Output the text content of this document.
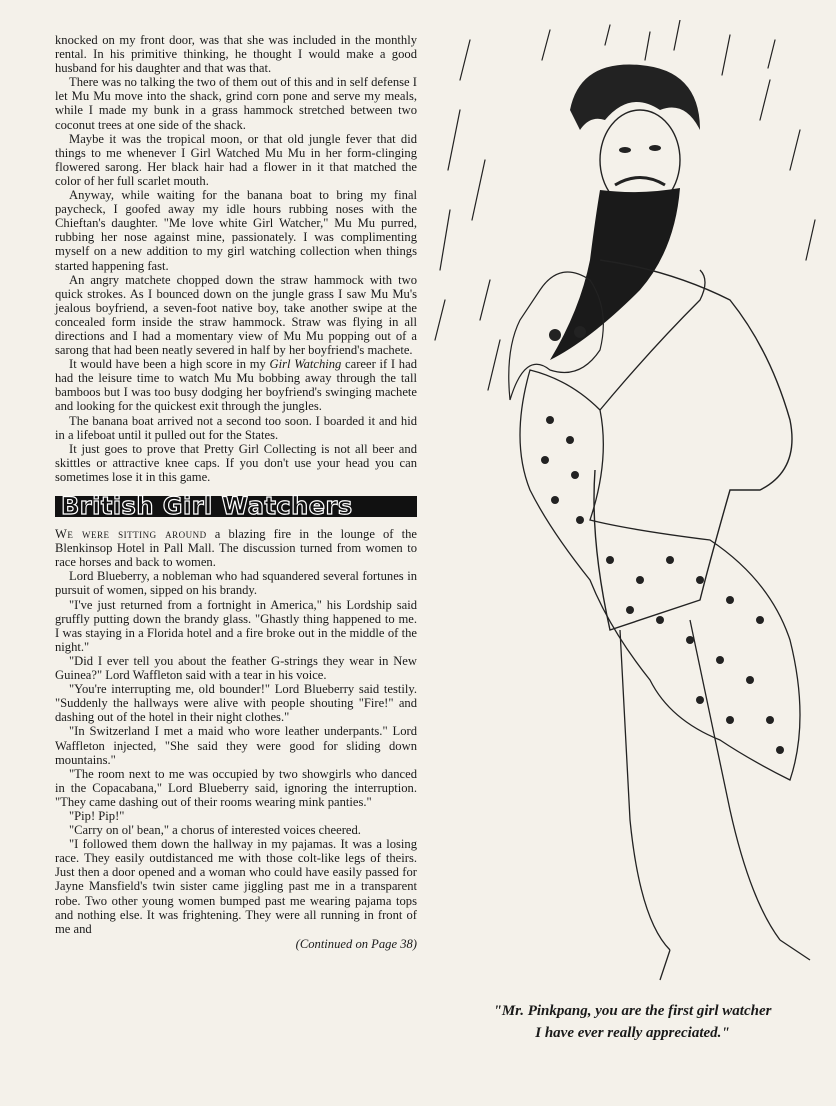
knocked on my front door, was that she was included in the monthly rental. In his primitive thinking, he thought I would make a good husband for his daughter and that was that.

There was no talking the two of them out of this and in self defense I let Mu Mu move into the shack, grind corn pone and serve my meals, while I made my bunk in a grass hammock stretched between two coconut trees at one side of the shack.

Maybe it was the tropical moon, or that old jungle fever that did things to me whenever I Girl Watched Mu Mu in her form-clinging flowered sarong. Her black hair had a flower in it that matched the color of her full scarlet mouth.

Anyway, while waiting for the banana boat to bring my final paycheck, I goofed away my idle hours rubbing noses with the Chieftan's daughter. "Me love white Girl Watcher," Mu Mu purred, rubbing her nose against mine, passionately. I was complimenting myself on a new addition to my girl watching collection when things started happening fast.

An angry matchete chopped down the straw hammock with two quick strokes. As I bounced down on the jungle grass I saw Mu Mu's jealous boyfriend, a seven-foot native boy, take another swipe at the concealed form inside the straw hammock. Straw was flying in all directions and I had a momentary view of Mu Mu popping out of a sarong that had been neatly severed in half by her boyfriend's machete.

It would have been a high score in my Girl Watching career if I had had the leisure time to watch Mu Mu bobbing away through the tall bamboos but I was too busy dodging her boyfriend's swinging machete and looking for the quickest exit through the jungles.

The banana boat arrived not a second too soon. I boarded it and hid in a lifeboat until it pulled out for the States.

It just goes to prove that Pretty Girl Collecting is not all beer and skittles or attractive knee caps. If you don't use your head you can sometimes lose it in this game.

British Girl Watchers

We were sitting around a blazing fire in the lounge of the Blenkinsop Hotel in Pall Mall. The discussion turned from women to race horses and back to women.

Lord Blueberry, a nobleman who had squandered several fortunes in pursuit of women, sipped on his brandy.

"I've just returned from a fortnight in America," his Lordship said gruffly putting down the brandy glass. "Ghastly thing happened to me. I was staying in a Florida hotel and a fire broke out in the middle of the night."

"Did I ever tell you about the feather G-strings they wear in New Guinea?" Lord Waffleton said with a tear in his voice.

"You're interrupting me, old bounder!" Lord Blueberry said testily. "Suddenly the hallways were alive with people shouting "Fire!" and dashing out of the hotel in their night clothes."

"In Switzerland I met a maid who wore leather underpants." Lord Waffleton injected, "She said they were good for sliding down mountains."

"The room next to me was occupied by two showgirls who danced in the Copacabana," Lord Blueberry said, ignoring the interruption. "They came dashing out of their rooms wearing mink panties."

"Pip! Pip!"

"Carry on ol' bean," a chorus of interested voices cheered.

"I followed them down the hallway in my pajamas. It was a losing race. They easily outdistanced me with those colt-like legs of theirs. Just then a door opened and a woman who could have easily passed for Jayne Mansfield's twin sister came jiggling past me in a transparent robe. Two other young women bumped past me wearing pajama tops and nothing else. It was frightening. They were all running in front of me and

(Continued on Page 38)
"Mr. Pinkpang, you are the first girl watcher
I have ever really appreciated."
